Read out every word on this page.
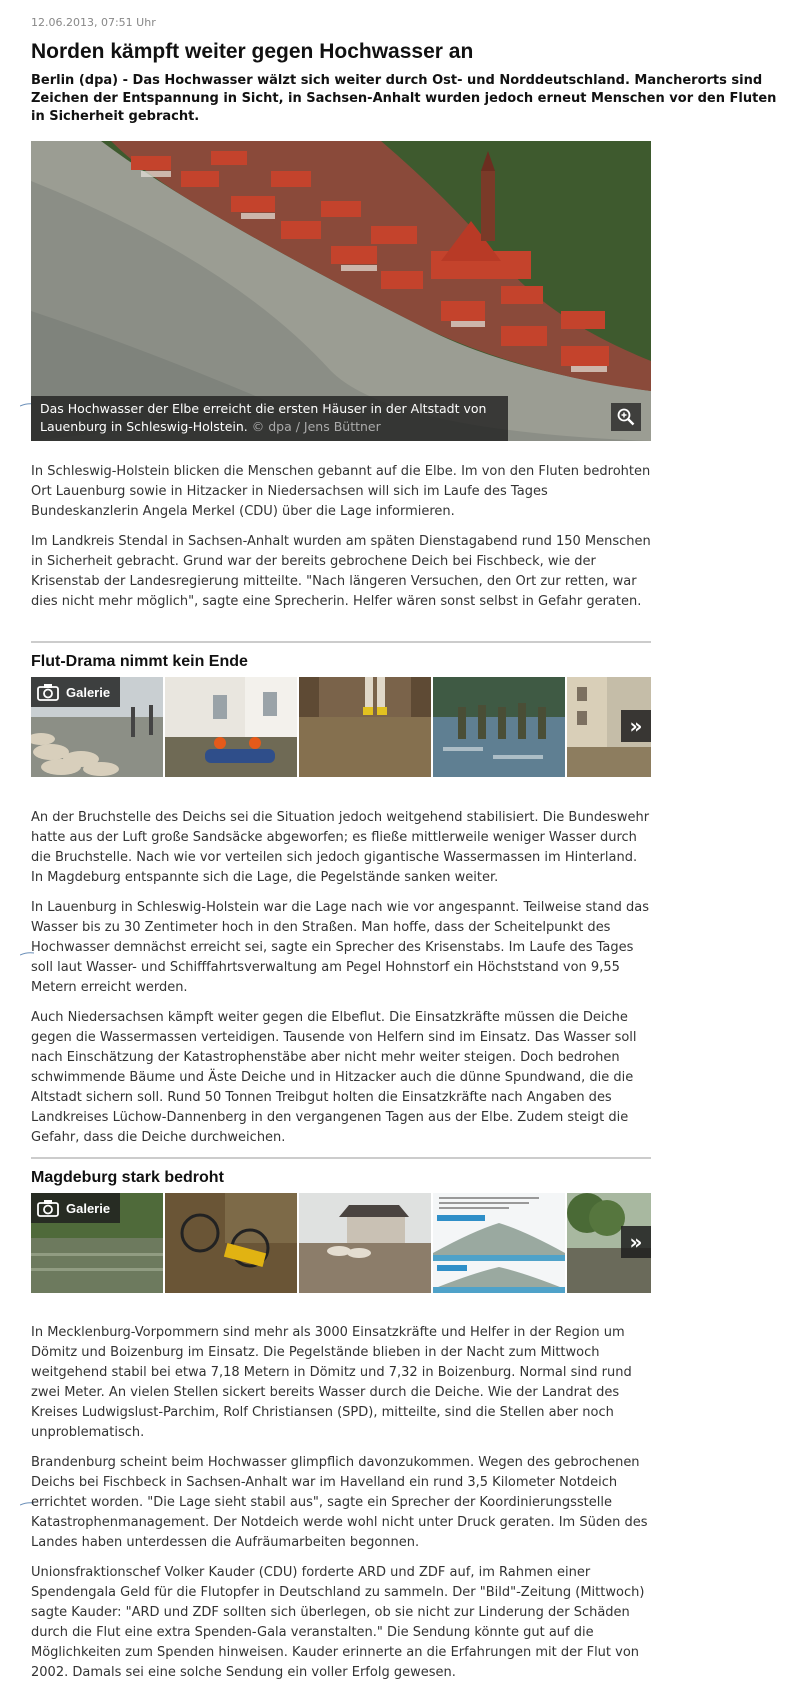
12.06.2013, 07:51 Uhr
Norden kämpft weiter gegen Hochwasser an

Berlin (dpa) - Das Hochwasser wälzt sich weiter durch Ost- und Norddeutschland. Mancherorts sind Zeichen der Entspannung in Sicht, in Sachsen-Anhalt wurden jedoch erneut Menschen vor den Fluten in Sicherheit gebracht.

Das Hochwasser der Elbe erreicht die ersten Häuser in der Altstadt von Lauenburg in Schleswig-Holstein. © dpa / Jens Büttner

In Schleswig-Holstein blicken die Menschen gebannt auf die Elbe. Im von den Fluten bedrohten Ort Lauenburg sowie in Hitzacker in Niedersachsen will sich im Laufe des Tages Bundeskanzlerin Angela Merkel (CDU) über die Lage informieren.

Im Landkreis Stendal in Sachsen-Anhalt wurden am späten Dienstagabend rund 150 Menschen in Sicherheit gebracht. Grund war der bereits gebrochene Deich bei Fischbeck, wie der Krisenstab der Landesregierung mitteilte. "Nach längeren Versuchen, den Ort zur retten, war dies nicht mehr möglich", sagte eine Sprecherin. Helfer wären sonst selbst in Gefahr geraten.

Flut-Drama nimmt kein Ende
Galerie
»

An der Bruchstelle des Deichs sei die Situation jedoch weitgehend stabilisiert. Die Bundeswehr hatte aus der Luft große Sandsäcke abgeworfen; es fließe mittlerweile weniger Wasser durch die Bruchstelle. Nach wie vor verteilen sich jedoch gigantische Wassermassen im Hinterland. In Magdeburg entspannte sich die Lage, die Pegelstände sanken weiter.

In Lauenburg in Schleswig-Holstein war die Lage nach wie vor angespannt. Teilweise stand das Wasser bis zu 30 Zentimeter hoch in den Straßen. Man hoffe, dass der Scheitelpunkt des Hochwasser demnächst erreicht sei, sagte ein Sprecher des Krisenstabs. Im Laufe des Tages soll laut Wasser- und Schifffahrtsverwaltung am Pegel Hohnstorf ein Höchststand von 9,55 Metern erreicht werden.

Auch Niedersachsen kämpft weiter gegen die Elbeflut. Die Einsatzkräfte müssen die Deiche gegen die Wassermassen verteidigen. Tausende von Helfern sind im Einsatz. Das Wasser soll nach Einschätzung der Katastrophenstäbe aber nicht mehr weiter steigen. Doch bedrohen schwimmende Bäume und Äste Deiche und in Hitzacker auch die dünne Spundwand, die die Altstadt sichern soll. Rund 50 Tonnen Treibgut holten die Einsatzkräfte nach Angaben des Landkreises Lüchow-Dannenberg in den vergangenen Tagen aus der Elbe. Zudem steigt die Gefahr, dass die Deiche durchweichen.

Magdeburg stark bedroht
Galerie
»

In Mecklenburg-Vorpommern sind mehr als 3000 Einsatzkräfte und Helfer in der Region um Dömitz und Boizenburg im Einsatz. Die Pegelstände blieben in der Nacht zum Mittwoch weitgehend stabil bei etwa 7,18 Metern in Dömitz und 7,32 in Boizenburg. Normal sind rund zwei Meter. An vielen Stellen sickert bereits Wasser durch die Deiche. Wie der Landrat des Kreises Ludwigslust-Parchim, Rolf Christiansen (SPD), mitteilte, sind die Stellen aber noch unproblematisch.

Brandenburg scheint beim Hochwasser glimpflich davonzukommen. Wegen des gebrochenen Deichs bei Fischbeck in Sachsen-Anhalt war im Havelland ein rund 3,5 Kilometer Notdeich errichtet worden. "Die Lage sieht stabil aus", sagte ein Sprecher der Koordinierungsstelle Katastrophenmanagement. Der Notdeich werde wohl nicht unter Druck geraten. Im Süden des Landes haben unterdessen die Aufräumarbeiten begonnen.

Unionsfraktionschef Volker Kauder (CDU) forderte ARD und ZDF auf, im Rahmen einer Spendengala Geld für die Flutopfer in Deutschland zu sammeln. Der "Bild"-Zeitung (Mittwoch) sagte Kauder: "ARD und ZDF sollten sich überlegen, ob sie nicht zur Linderung der Schäden durch die Flut eine extra Spenden-Gala veranstalten." Die Sendung könnte gut auf die Möglichkeiten zum Spenden hinweisen. Kauder erinnerte an die Erfahrungen mit der Flut von 2002. Damals sei eine solche Sendung ein voller Erfolg gewesen.
